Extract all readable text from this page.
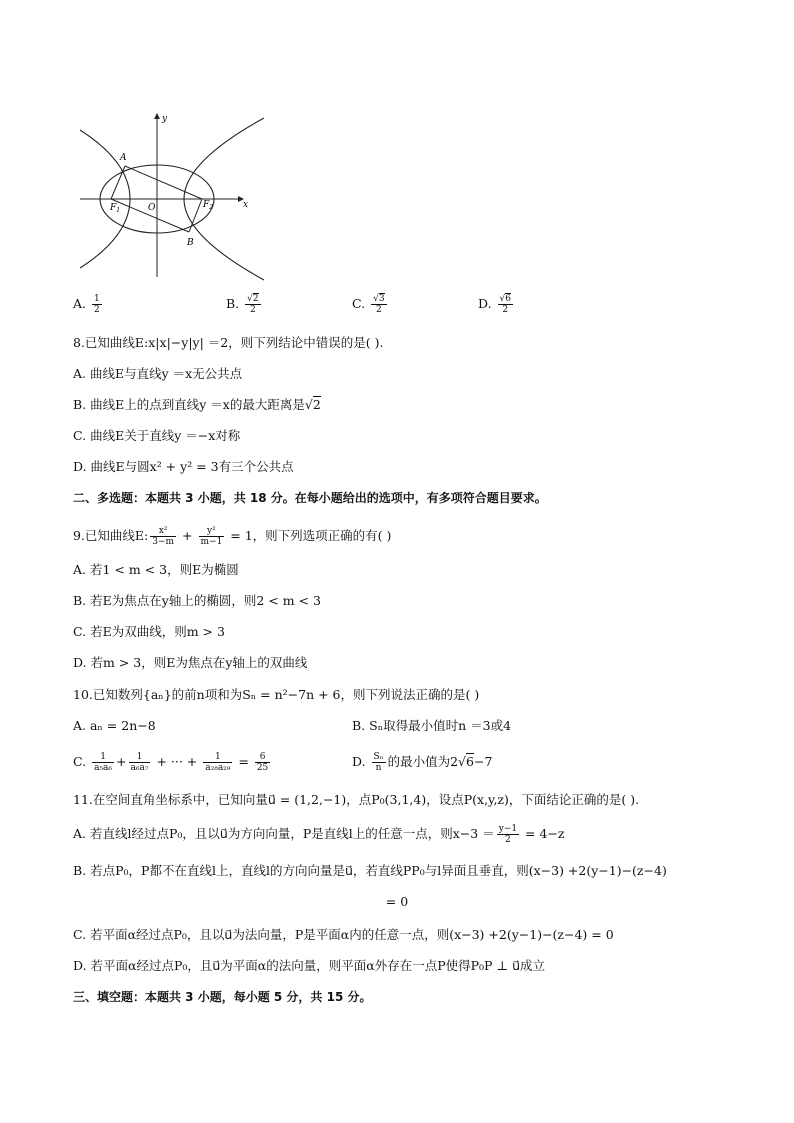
A
B
$F_1$
$F_2$
O	x
y
A. $\frac{1}{2}$	B. $\frac{√2}{2}$	C. $\frac{√3}{2}$	D. $\frac{√6}{2}$
8.已知曲线E:x|x|−y|y| ＝2，则下列结论中错误的是( ).
A. 曲线E与直线y ＝x无公共点
B. 曲线E上的点到直线y ＝x的最大距离是√2
C. 曲线E关于直线y ＝−x对称
D. 曲线E与圆x² + y² = 3有三个公共点
二、多选题：本题共 3 小题，共 18 分。在每小题给出的选项中，有多项符合题目要求。
9.已知曲线E: $\frac{\text{x²}}{3-m} + \frac{\text{y²}}{m-1} = 1$，则下列选项正确的有( )
A. 若1 < m < 3，则E为椭圆
B. 若E为焦点在y轴上的椭圆，则2 < m < 3
C. 若E为双曲线，则m > 3
D. 若m > 3，则E为焦点在y轴上的双曲线
10.已知数列{aₙ}的前n项和为Sₙ = n²−7n + 6，则下列说法正确的是( )
A. aₙ = 2n−8	B. Sₙ取得最小值时n ＝3或4
C. $\frac{1}{\text{a₅a₆}} + \frac{1}{\text{a₆a₇}}$ + ··· + $\frac{1}{\text{a₂₈a₂₉}} = \frac{6}{25}$	D. $\frac{\text{Sₙ}}{n}$ 的最小值为2√6−7
11.在空间直角坐标系中，已知向量u⃗ = (1,2,−1)，点P₀(3,1,4)，设点P(x,y,z)，下面结论正确的是( ).
A. 若直线l经过点P₀，且以u⃗为方向向量，P是直线l上的任意一点，则$x-3 = \frac{y-1}{2} = 4-z$
B. 若点P₀，P都不在直线l上，直线l的方向向量是u⃗，若直线PP₀与l异面且垂直，则(x−3) +2(y−1)−(z−4)
= 0
C. 若平面α经过点P₀，且以u⃗为法向量，P是平面α内的任意一点，则(x−3) +2(y−1)−(z−4) = 0
D. 若平面α经过点P₀，且u⃗为平面α的法向量，则平面α外存在一点P使得P₀P ⊥ u⃗成立
三、填空题：本题共 3 小题，每小题 5 分，共 15 分。
